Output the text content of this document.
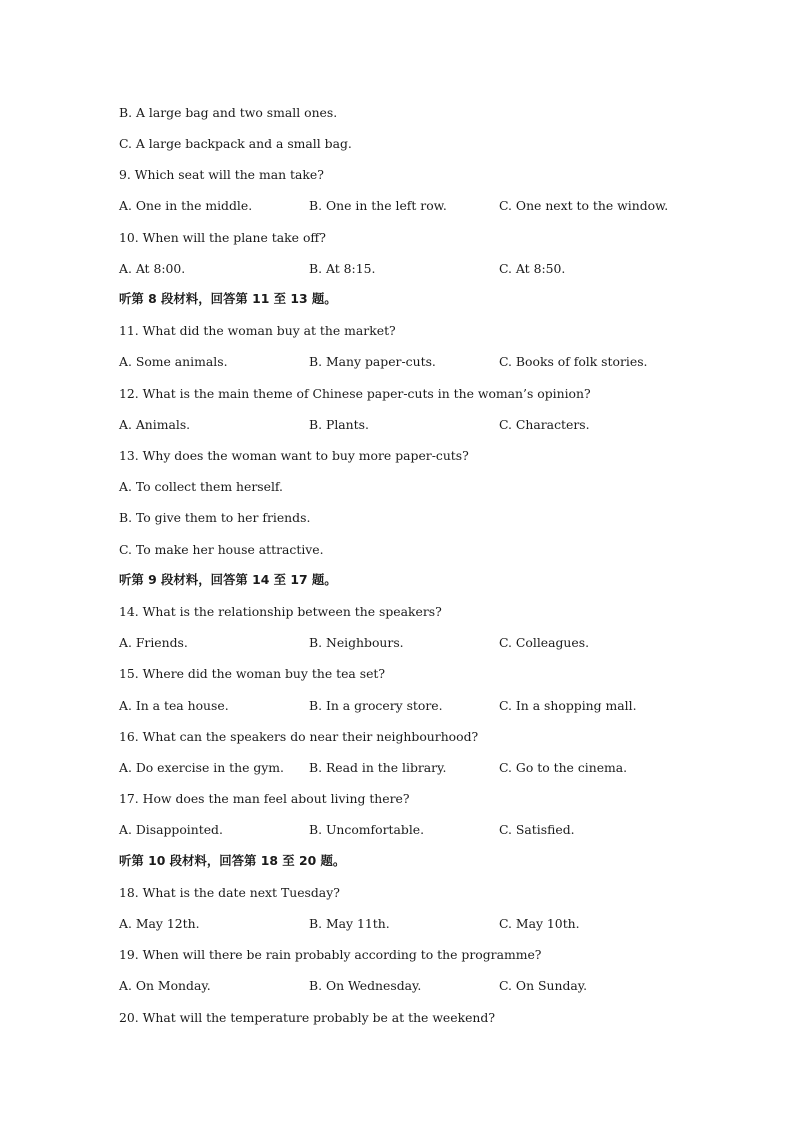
B. A large bag and two small ones.
C. A large backpack and a small bag.
9. Which seat will the man take?

A. One in the middle.

	B. One in the left row.

	C. One next to the window.

10. When will the plane take off?

A. At 8:00.

	B. At 8:15.

	C. At 8:50.

听第 8 段材料，回答第 11 至 13 题。
11. What did the woman buy at the market?

A. Some animals.

	B. Many paper-cuts.

	C. Books of folk stories.

12. What is the main theme of Chinese paper-cuts in the woman’s opinion?

A. Animals.

	B. Plants.

	C. Characters.

13. Why does the woman want to buy more paper-cuts?
A. To collect them herself.
B. To give them to her friends.
C. To make her house attractive.
听第 9 段材料，回答第 14 至 17 题。
14. What is the relationship between the speakers?

A. Friends.

	B. Neighbours.

	C. Colleagues.

15. Where did the woman buy the tea set?

A. In a tea house.

	B. In a grocery store.

	C. In a shopping mall.

16. What can the speakers do near their neighbourhood?

A. Do exercise in the gym.

B. Read in the library.

	C. Go to the cinema.

17. How does the man feel about living there?

A. Disappointed.

	B. Uncomfortable.

	C. Satisfied.

听第 10 段材料，回答第 18 至 20 题。
18. What is the date next Tuesday?

A. May 12th.

	B. May 11th.

	C. May 10th.

19. When will there be rain probably according to the programme?

A. On Monday.

	B. On Wednesday.

	C. On Sunday.

20. What will the temperature probably be at the weekend?
